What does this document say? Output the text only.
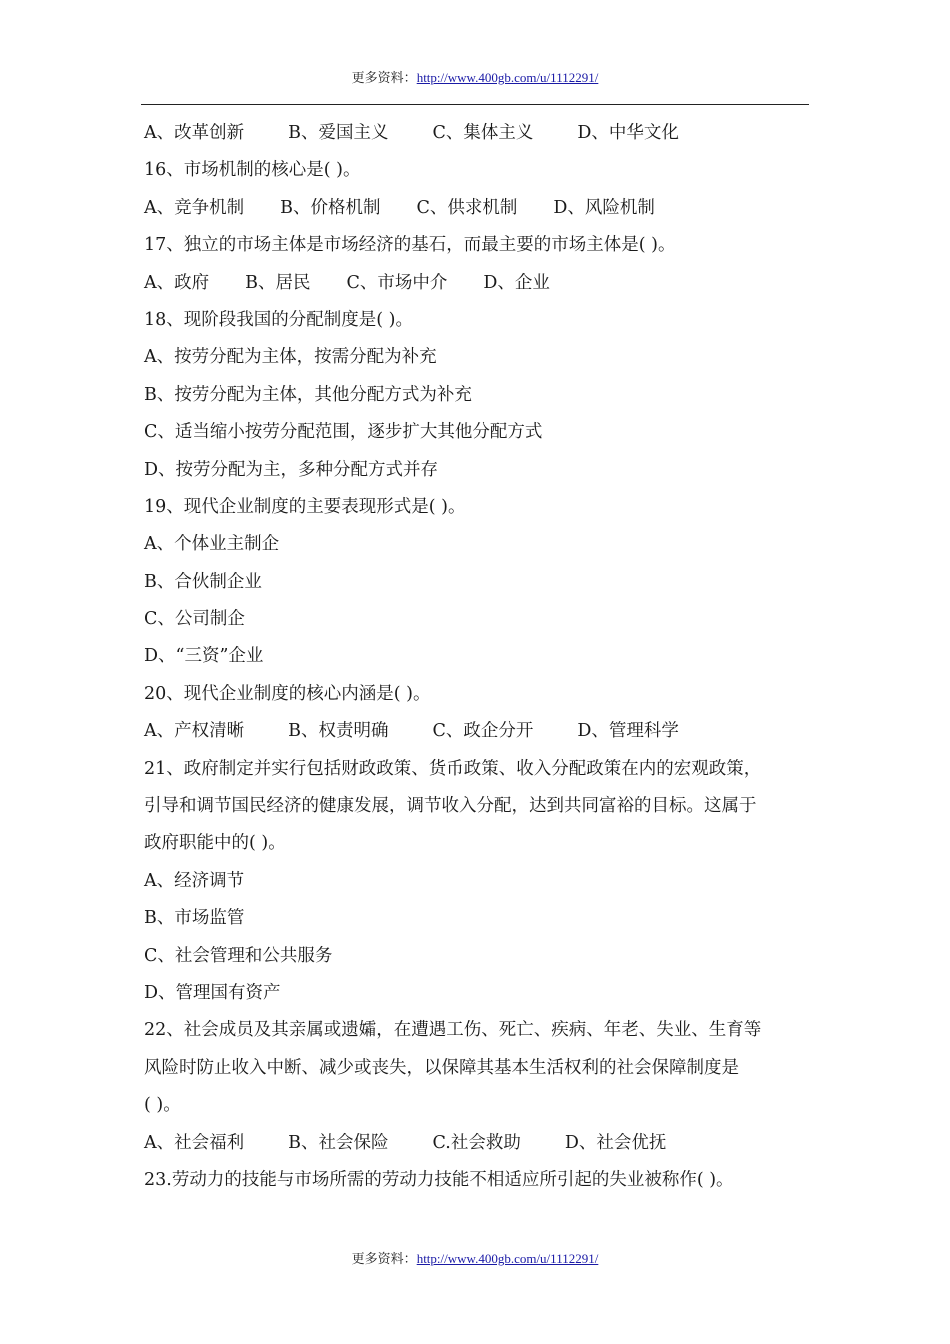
更多资料：http://www.400gb.com/u/1112291/
A、改革创新	B、爱国主义	C、集体主义	D、中华文化
16、市场机制的核心是( )。
A、竞争机制 B、价格机制 C、供求机制 D、风险机制
17、独立的市场主体是市场经济的基石，而最主要的市场主体是( )。
A、政府 B、居民 C、市场中介 D、企业
18、现阶段我国的分配制度是( )。
A、按劳分配为主体，按需分配为补充
B、按劳分配为主体，其他分配方式为补充
C、适当缩小按劳分配范围，逐步扩大其他分配方式
D、按劳分配为主，多种分配方式并存
19、现代企业制度的主要表现形式是( )。
A、个体业主制企
B、合伙制企业
C、公司制企
D、“三资”企业
20、现代企业制度的核心内涵是( )。
A、产权清晰	B、权责明确	C、政企分开	D、管理科学
21、政府制定并实行包括财政政策、货币政策、收入分配政策在内的宏观政策，
引导和调节国民经济的健康发展，调节收入分配，达到共同富裕的目标。这属于
政府职能中的( )。
A、经济调节
B、市场监管
C、社会管理和公共服务
D、管理国有资产
22、社会成员及其亲属或遗孀，在遭遇工伤、死亡、疾病、年老、失业、生育等
风险时防止收入中断、减少或丧失，以保障其基本生活权利的社会保障制度是
( )。
A、社会福利	B、社会保险	C.社会救助	D、社会优抚
23.劳动力的技能与市场所需的劳动力技能不相适应所引起的失业被称作( )。
更多资料：http://www.400gb.com/u/1112291/
